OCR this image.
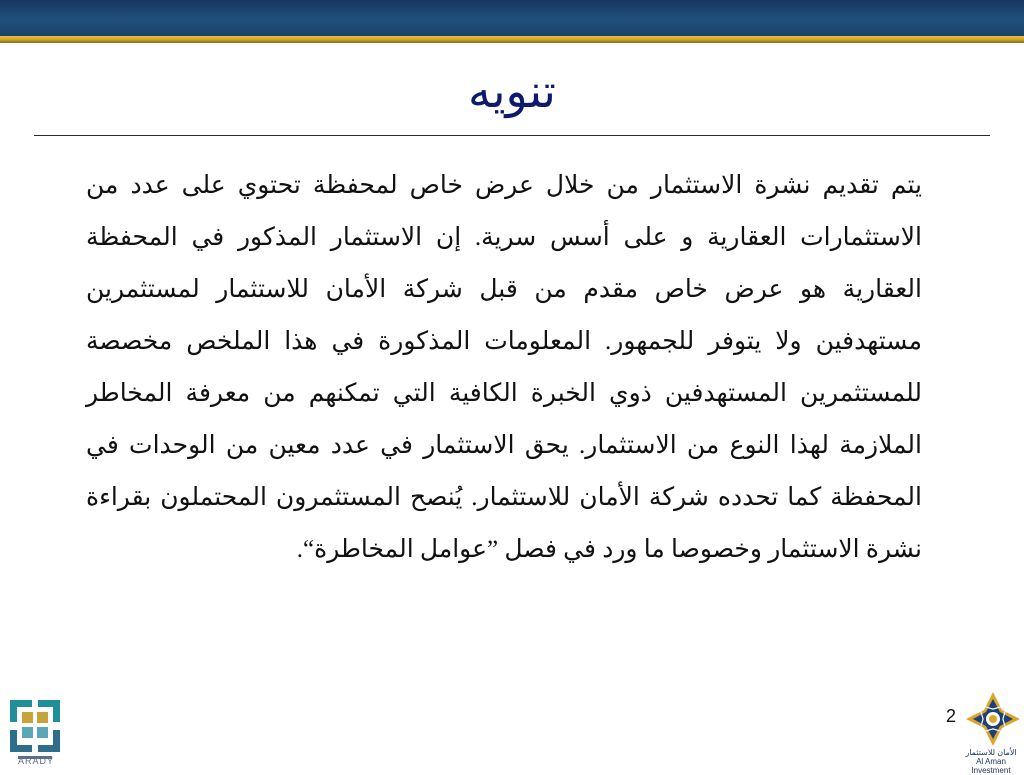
تنويه

يتم تقديم نشرة الاستثمار من خلال عرض خاص لمحفظة تحتوي على عدد من الاستثمارات العقارية و على أسس سرية. إن الاستثمار المذكور في المحفظة العقارية هو عرض خاص مقدم من قبل شركة الأمان للاستثمار لمستثمرين مستهدفين ولا يتوفر للجمهور. المعلومات المذكورة في هذا الملخص مخصصة للمستثمرين المستهدفين ذوي الخبرة الكافية التي تمكنهم من معرفة المخاطر الملازمة لهذا النوع من الاستثمار. يحق الاستثمار في عدد معين من الوحدات في المحفظة كما تحدده شركة الأمان للاستثمار. يُنصح المستثمرون المحتملون بقراءة نشرة الاستثمار وخصوصا ما ورد في فصل ”عوامل المخاطرة“.

2
ARADY
الأمان للاستثمار
Al Aman Investment
